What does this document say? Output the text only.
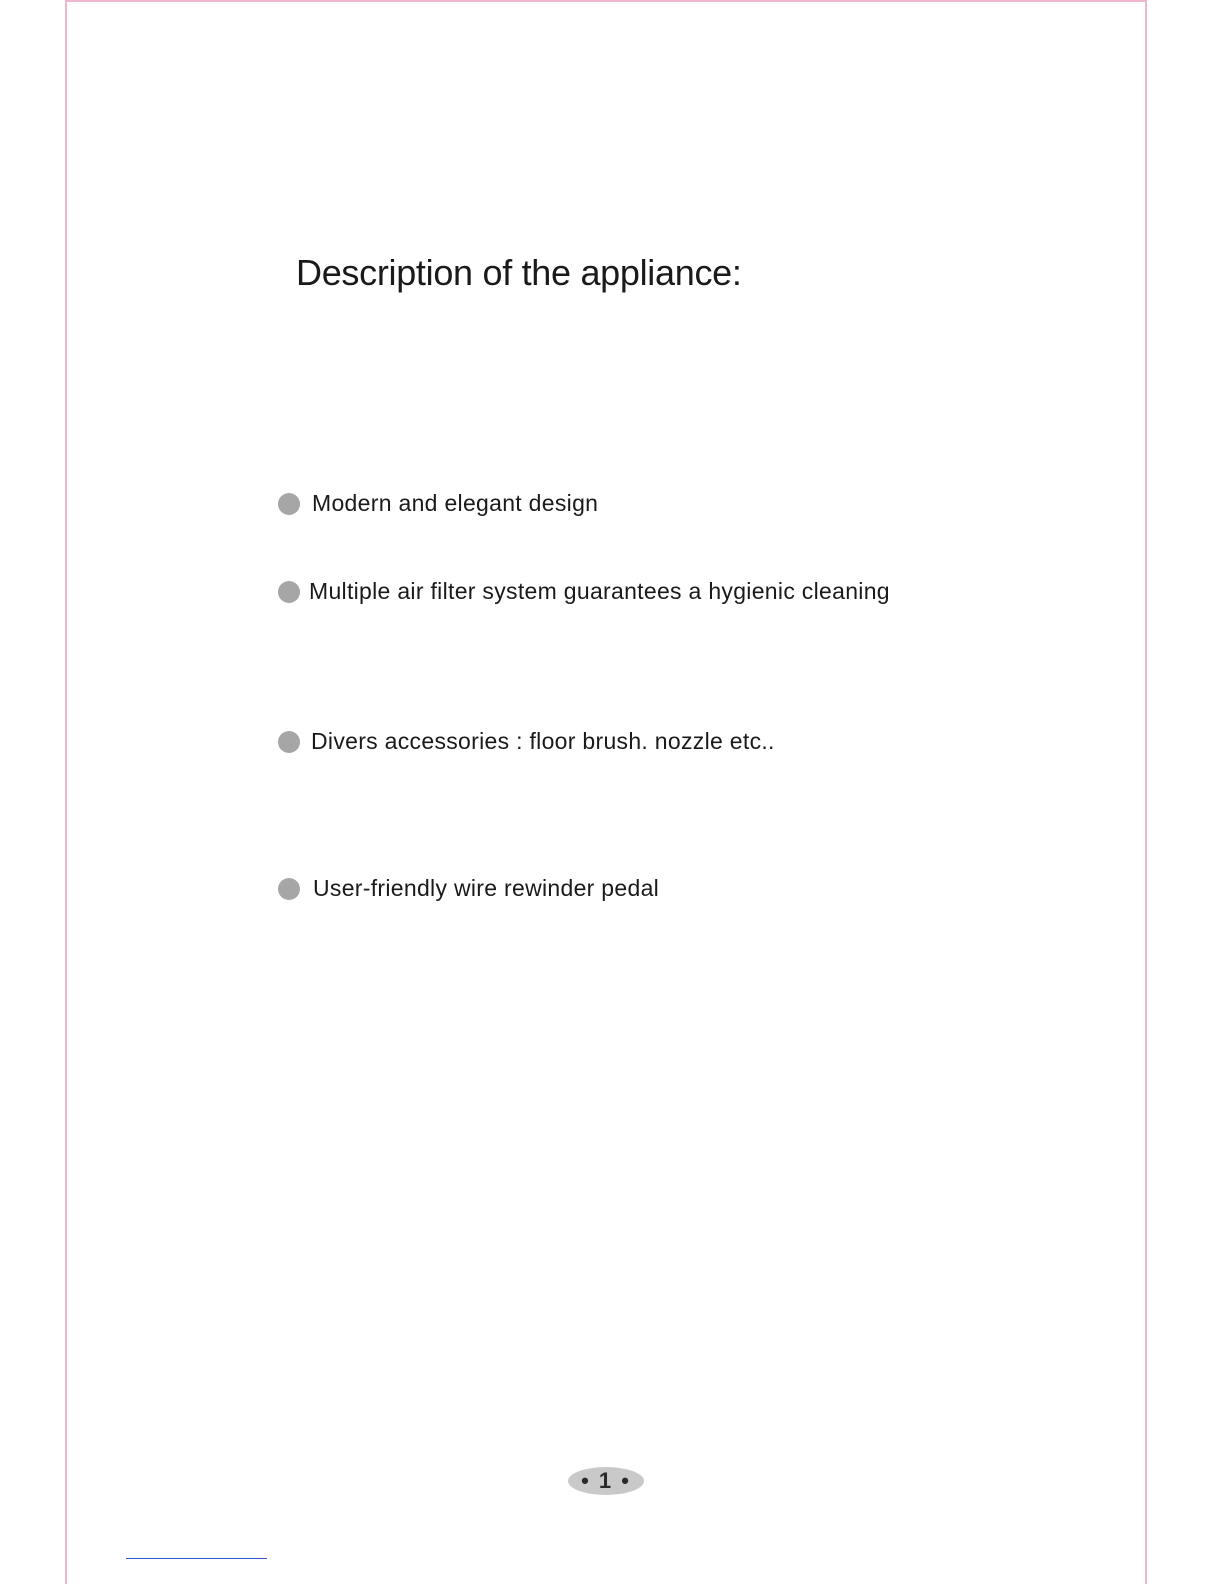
Description of the appliance:
Modern and elegant design
Multiple air filter system guarantees a hygienic cleaning
Divers accessories : floor brush. nozzle etc..
User-friendly wire rewinder pedal
• 1 •
